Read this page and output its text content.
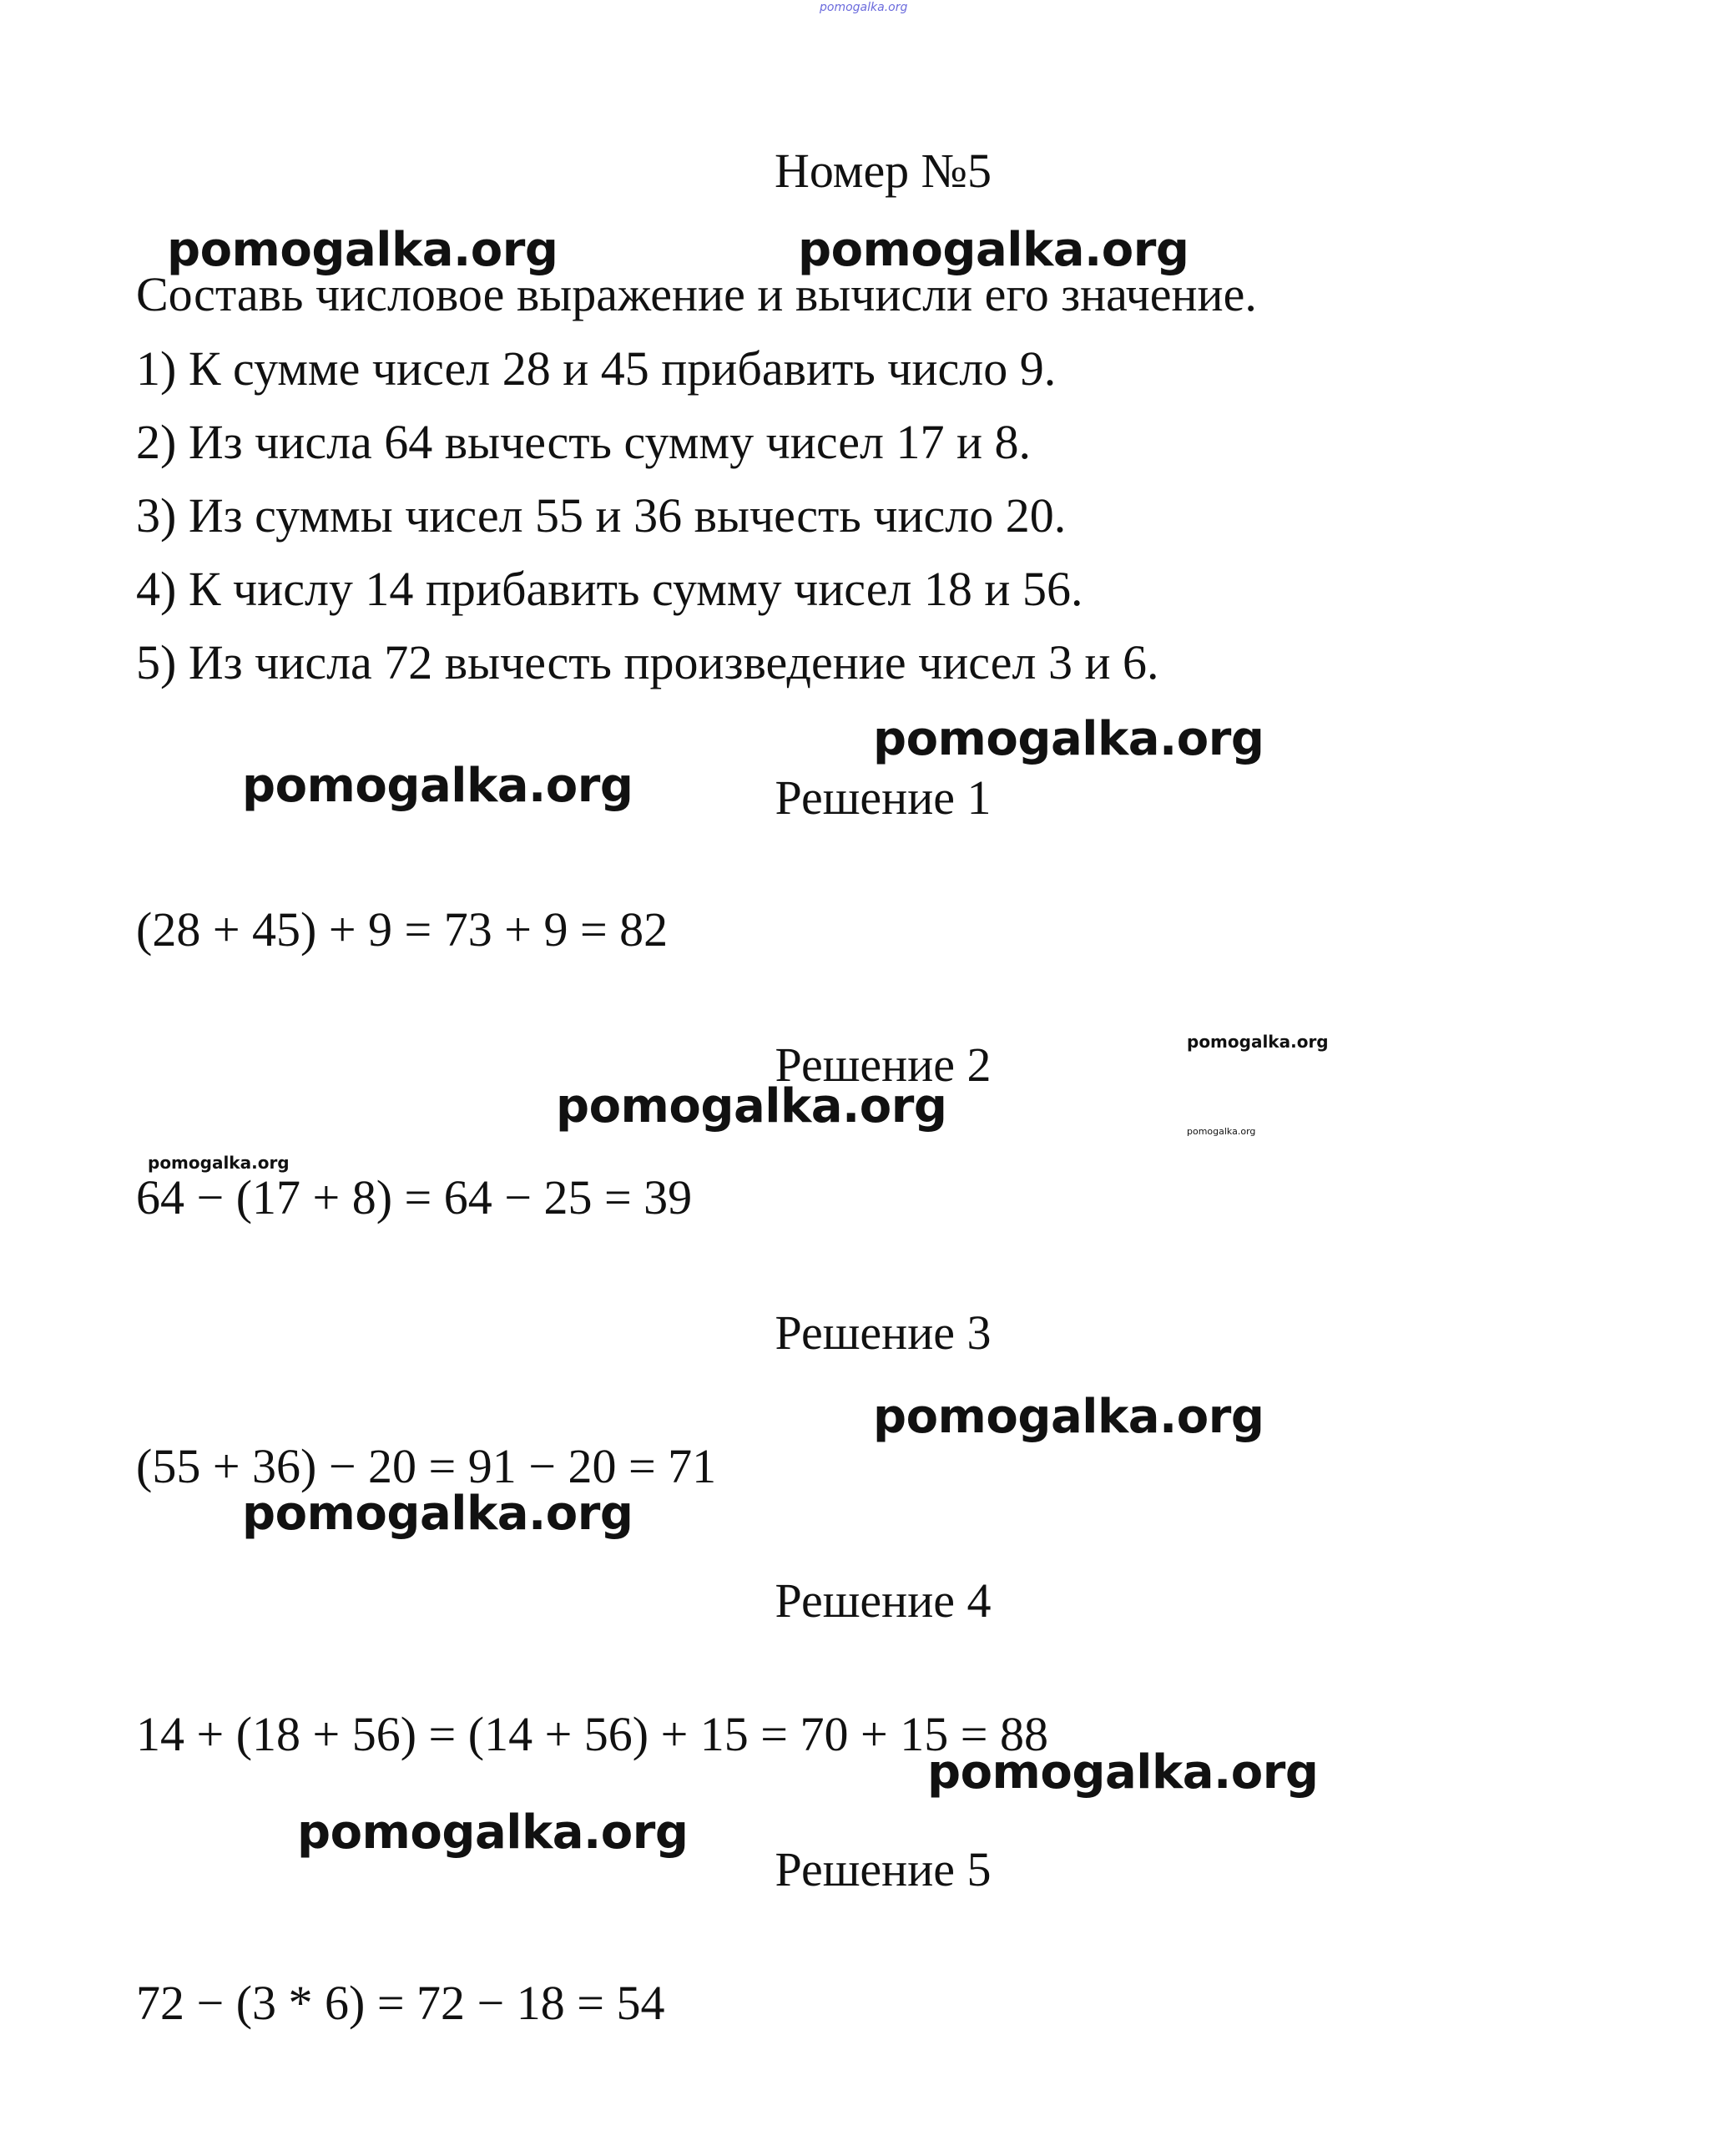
pomogalka.org
Номер №5
pomogalka.org	pomogalka.org
Составь числовое выражение и вычисли его значение.
1) К сумме чисел 28 и 45 прибавить число 9.
2) Из числа 64 вычесть сумму чисел 17 и 8.
3) Из суммы чисел 55 и 36 вычесть число 20.
4) К числу 14 прибавить сумму чисел 18 и 56.
5) Из числа 72 вычесть произведение чисел 3 и 6.
pomogalka.org
pomogalka.org	Решение 1
(28 + 45) + 9 = 73 + 9 = 82
pomogalka.org
Решение 2
pomogalka.org	pomogalka.org
pomogalka.org
64 − (17 + 8) = 64 − 25 = 39
Решение 3
pomogalka.org
(55 + 36) − 20 = 91 − 20 = 71
pomogalka.org
Решение 4
14 + (18 + 56) = (14 + 56) + 15 = 70 + 15 = 88
pomogalka.org
pomogalka.org
Решение 5
72 − (3 * 6) = 72 − 18 = 54
